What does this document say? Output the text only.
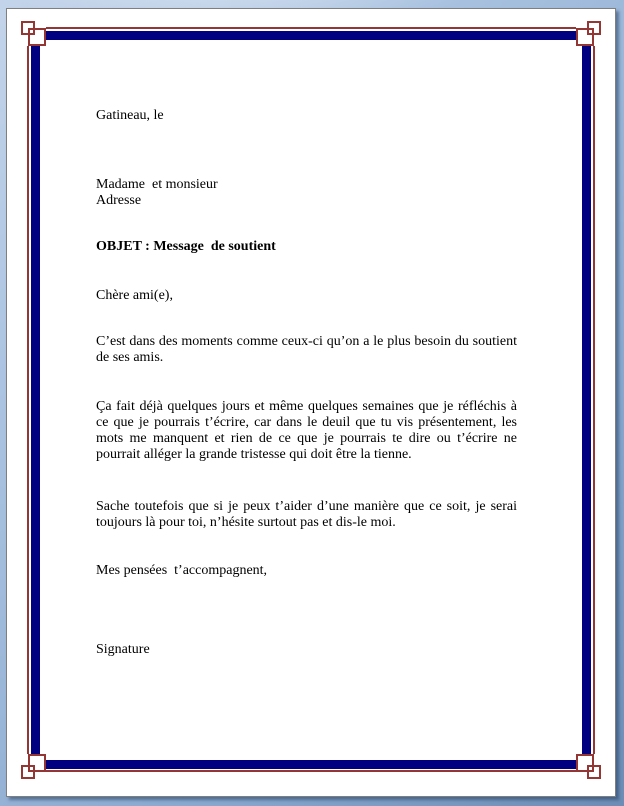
Gatineau, le
Madame  et monsieur
Adresse
OBJET : Message  de soutient
Chère ami(e),
C’est dans des moments comme ceux-ci qu’on a le plus besoin du soutient de ses amis.
Ça fait déjà quelques jours et même quelques semaines que je réfléchis à ce que je pourrais t’écrire, car dans le deuil que tu vis présentement, les mots me manquent et rien de ce que je pourrais te dire ou t’écrire ne pourrait alléger la grande tristesse qui doit être la tienne.
Sache toutefois que si je peux t’aider d’une manière que ce soit, je serai toujours là pour toi, n’hésite surtout pas et dis-le moi.
Mes pensées  t’accompagnent,
Signature
